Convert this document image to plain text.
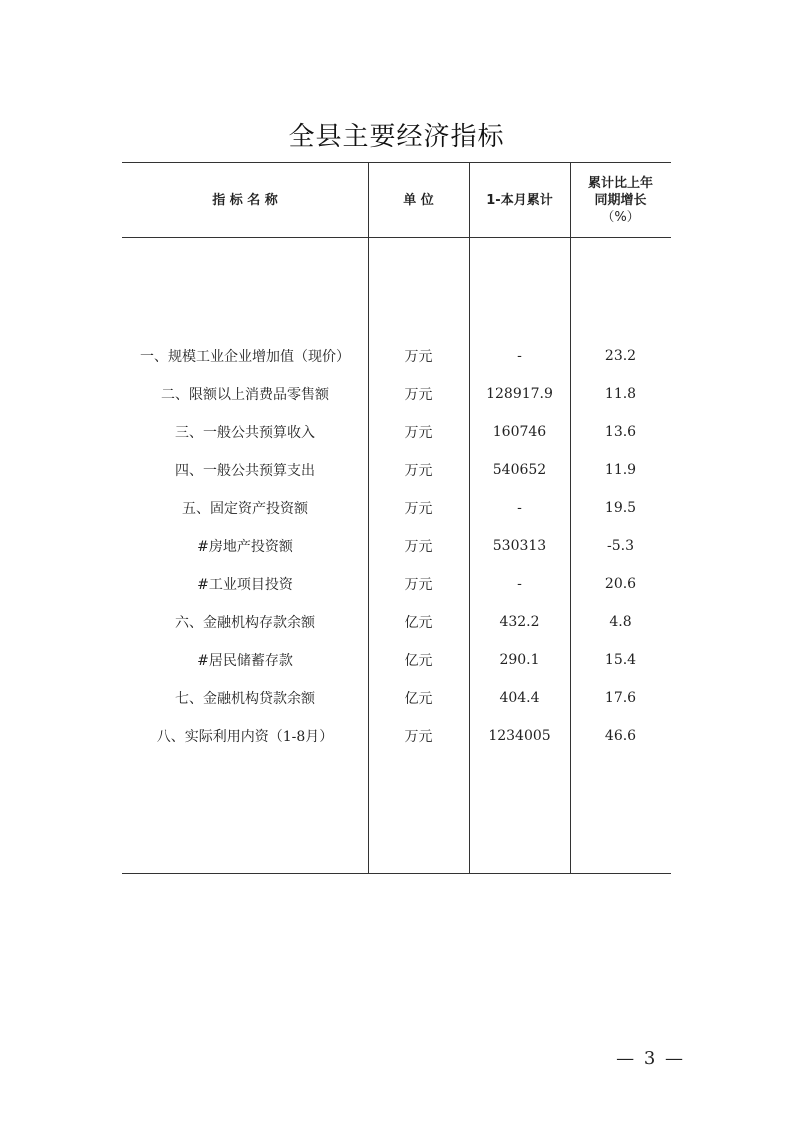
全县主要经济指标
指 标 名 称	单 位	1-本月累计
累计比上年
同期增长
（%）
一、规模工业企业增加值（现价）	万元	-	23.2
二、限额以上消费品零售额	万元	128917.9	11.8
三、一般公共预算收入	万元	160746	13.6
四、一般公共预算支出	万元	540652	11.9
五、固定资产投资额	万元	-	19.5
#房地产投资额	万元	530313	-5.3
#工业项目投资	万元	-	20.6
六、金融机构存款余额	亿元	432.2	4.8
#居民储蓄存款	亿元	290.1	15.4
七、金融机构贷款余额	亿元	404.4	17.6
八、实际利用内资（1-8月）	万元	1234005	46.6
— 3 —
